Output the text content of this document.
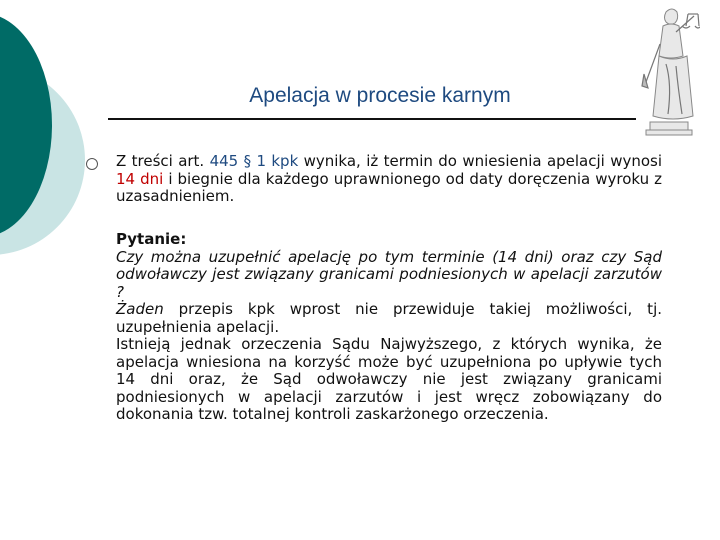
Apelacja w procesie karnym

Z treści art. 445 § 1 kpk wynika, iż termin do wniesienia apelacji wynosi 14 dni i biegnie dla każdego uprawnionego od daty doręczenia wyroku z uzasadnieniem.

Pytanie:
Czy można uzupełnić apelację po tym terminie (14 dni) oraz czy Sąd odwoławczy jest związany granicami podniesionych w apelacji zarzutów ?
Żaden przepis kpk wprost nie przewiduje takiej możliwości, tj. uzupełnienia apelacji.
Istnieją jednak orzeczenia Sądu Najwyższego, z których wynika, że apelacja wniesiona na korzyść może być uzupełniona po upływie tych 14 dni oraz, że Sąd odwoławczy nie jest związany granicami podniesionych w apelacji zarzutów i jest wręcz zobowiązany do dokonania tzw. totalnej kontroli zaskarżonego orzeczenia.
